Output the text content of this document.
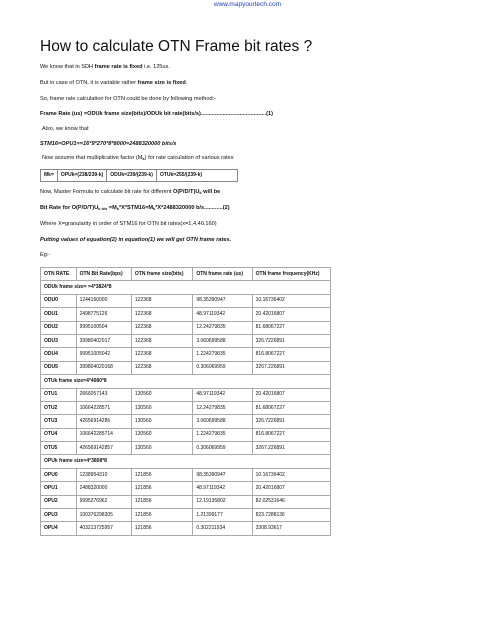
www.mapyourtech.com
How to calculate OTN Frame bit rates ?

We know that in SDH frame rate is fixed i.e. 125us.

But in case of OTN, it is variable rather frame size is fixed.

So, frame rate calculation for OTN could be done by following method:-

Frame Rate (us) =ODUk frame size(bits)/ODUk bit rate(bits/s)..........................................(1)

Also, we know that

STM16=OPU1==16*9*270*8*8000=2488320000 bits/s

Now assume that multiplicative factor $(M_k)$ for rate calculation of various rates

Mk=	OPUk=(238/239-k)	ODUk=239/(239-k)	OTUk=255/(239-k)

Now, Master Formula to calculate bit rate for different $O(P/D/T)U_k$ will be

Bit Rate for $O(P/D/T)U_{k b/s} =M_k*X*STM16=M_k*X*2488320000$ b/s............(2)

Where X=granularity in order of STM16 for OTN bit rates(x=1,4,40,160)

Putting values of equation(2) in equation(1) we will get OTN frame rates.

Eg:-

OTN RATE	OTN Bit Rate(bps)	OTN frame size(bits)	OTN frame rate (us)	OTN frame frequency(KHz)
ODUk frame size= =4*3824*8				
ODU0	1244160000	122368	98.35390947	10.16736402
ODU1	2498775126	122368	48.97119342	20.42016807
ODU2	9995100504	122368	12.24279835	81.68067227
ODU3	39980402017	122368	3.060699588	326.7226891
ODU4	99951005042	122368	1.224279835	816.8067227
ODU5	399804020168	122368	0.306069959	3267.226891
OTUk frame size=4*4080*8				
OTU1	2666057143	130560	48.97119342	20.42016807
OTU2	10664228571	130560	12.24279835	81.68067227
OTU3	42656914286	130560	3.060699588	326.7226891
OTU4	106642285714	130560	1.224279835	816.8067227
OTU5	426569142857	130560	0.306069959	3267.226891
OPUk frame size=4*3808*8				
OPU0	1238954310	121856	98.35390947	10.16736402
OPU1	2488320000	121856	48.97119342	20.42016807
OPU2	9995276962	121856	12.19135802	82.02531646
OPU3	100376298305	121856	1.21399177	823.7288136
OPU4	403213725957	121856	0.302211934	3308.93617
